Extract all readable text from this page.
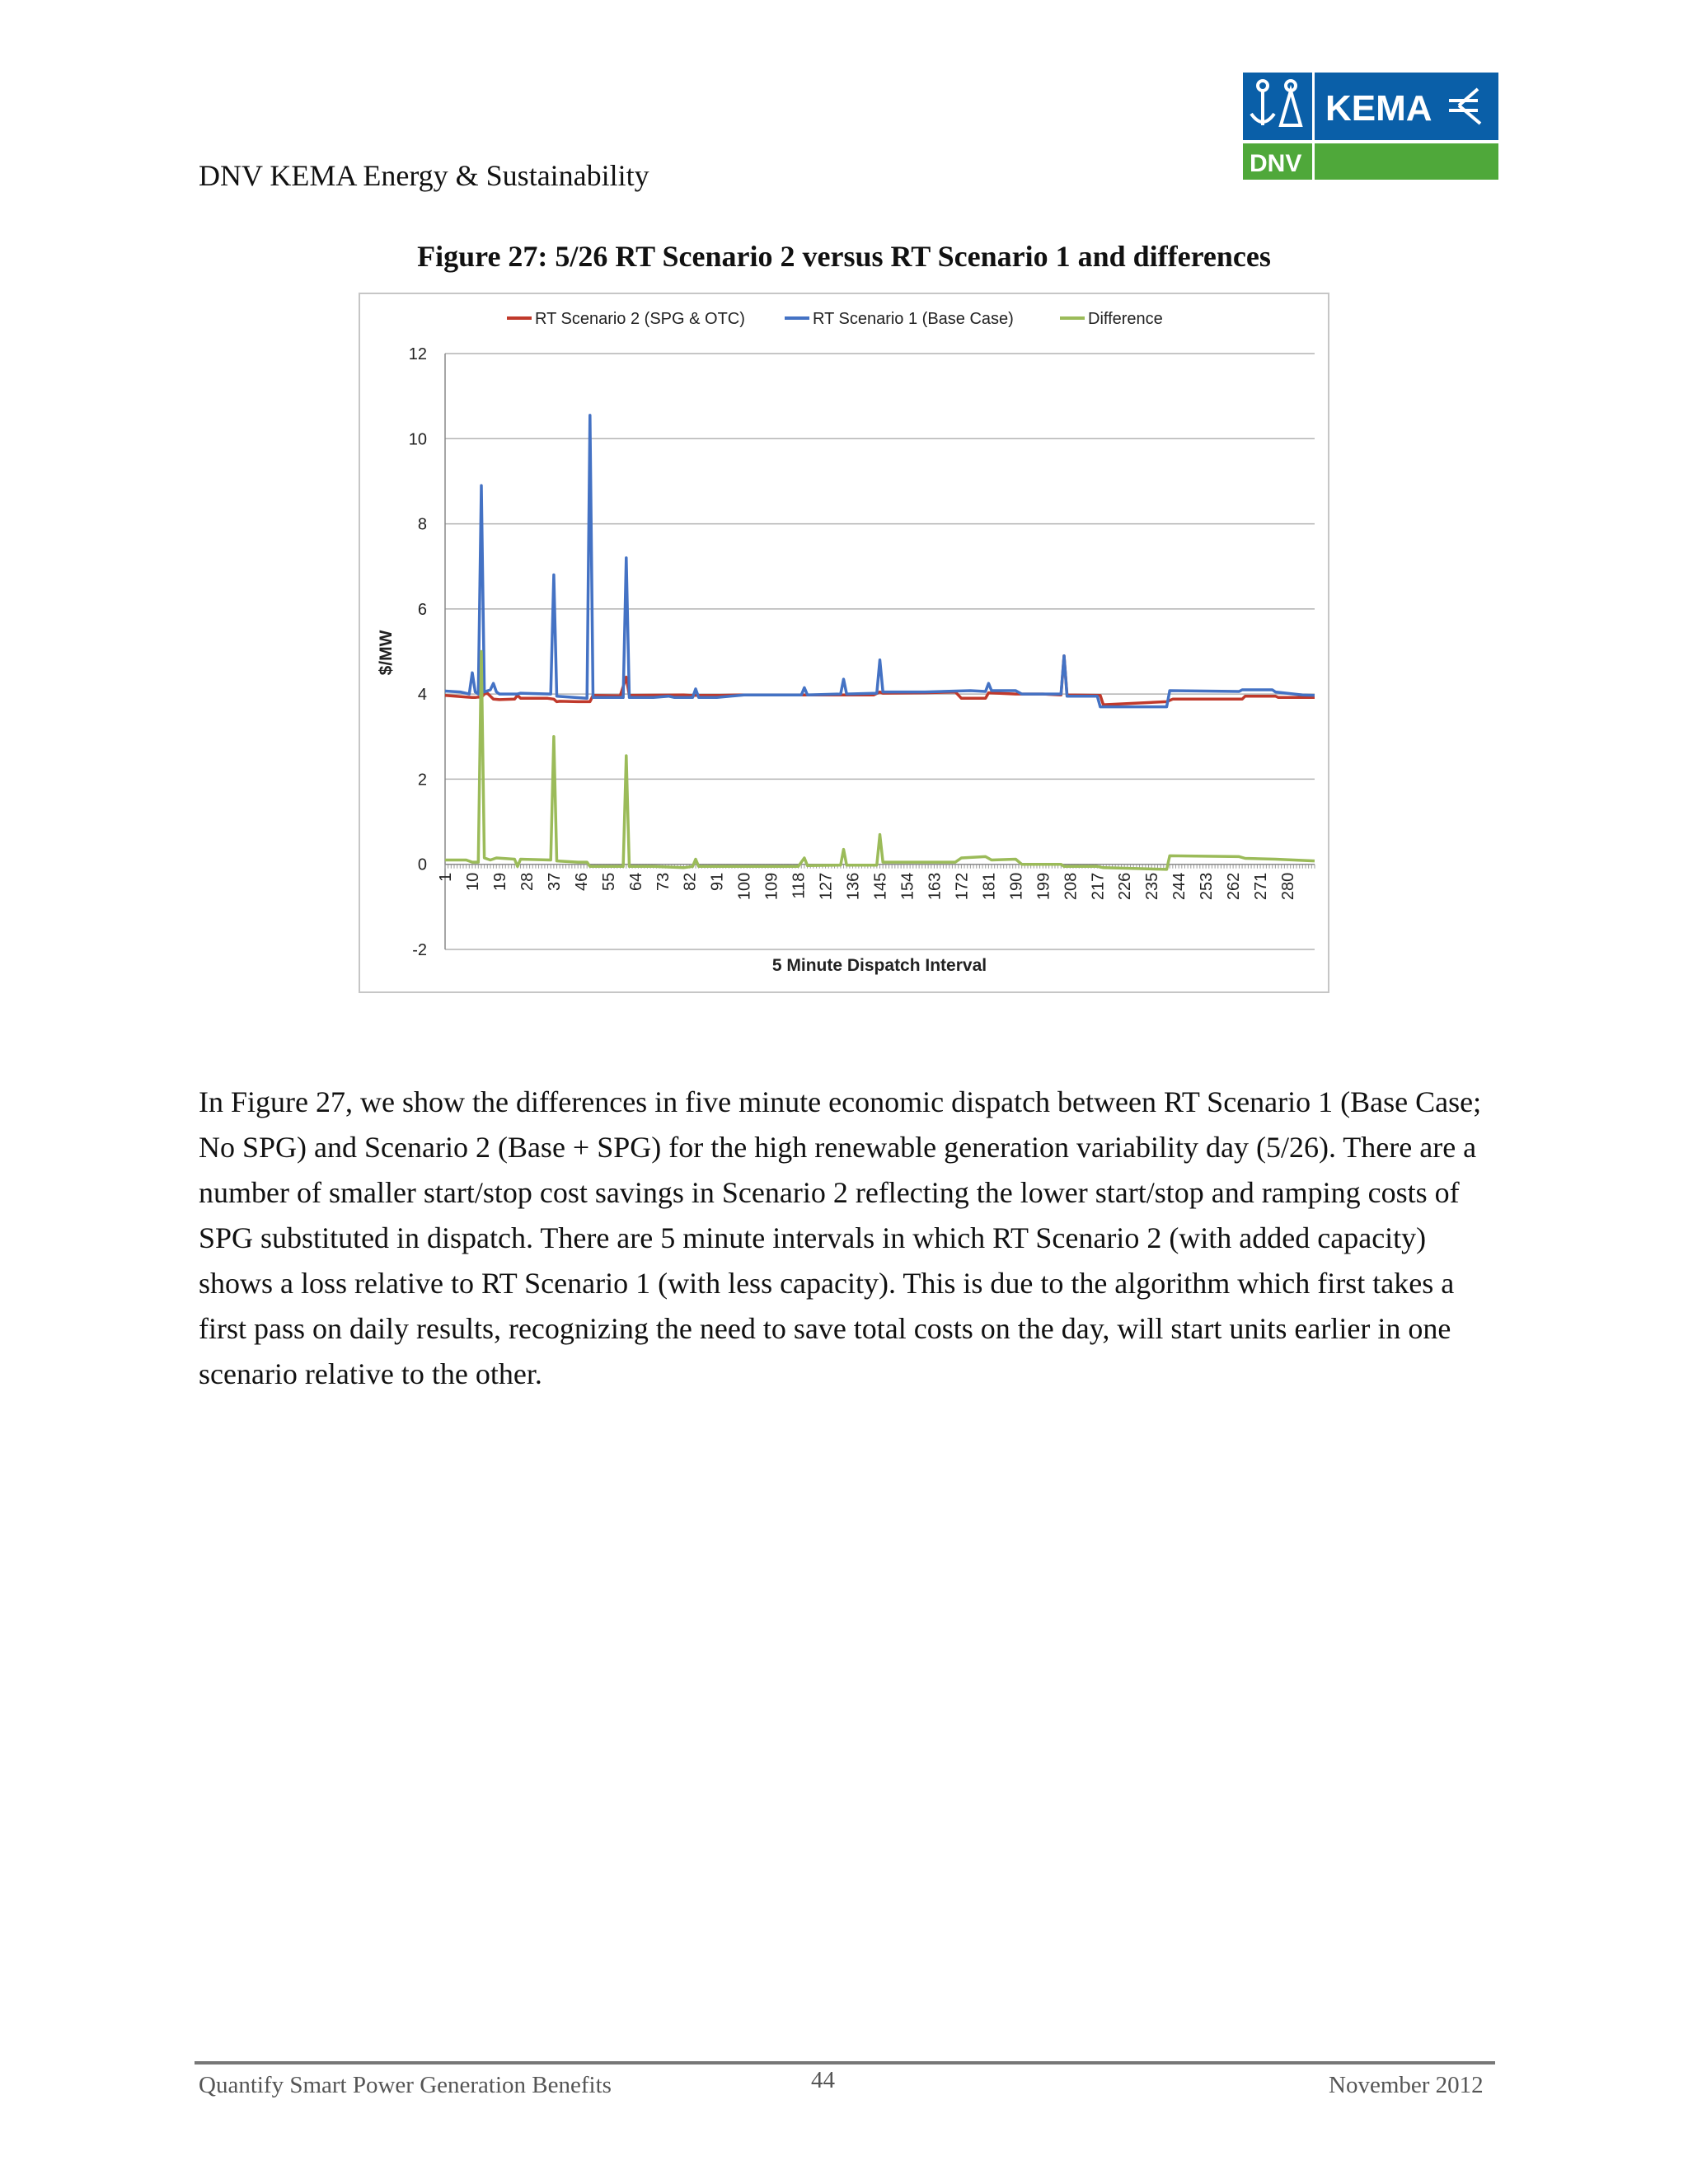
DNV KEMA Energy & Sustainability	DNV
KEMA
Figure 27: 5/26 RT Scenario 2 versus RT Scenario 1 and differences
-2
0
2
4
6
8
10
12
1 10 19 28 37 46 55 64 73 82 91 100 109 118 127 136 145 154 163 172 181 190 199 208 217 226 235 244 253 262 271 280
RT Scenario 2 (SPG & OTC)	RT Scenario 1 (Base Case)	Difference
5 Minute Dispatch Interval
$/MW
In Figure 27, we show the differences in five minute economic dispatch between RT Scenario 1 (Base Case; No SPG) and Scenario 2 (Base + SPG) for the high renewable generation variability day (5/26). There are a number of smaller start/stop cost savings in Scenario 2 reflecting the lower start/stop and ramping costs of SPG substituted in dispatch. There are 5 minute intervals in which RT Scenario 2 (with added capacity) shows a loss relative to RT Scenario 1 (with less capacity). This is due to the algorithm which first takes a first pass on daily results, recognizing the need to save total costs on the day, will start units earlier in one scenario relative to the other.
Quantify Smart Power Generation Benefits	44	November 2012
